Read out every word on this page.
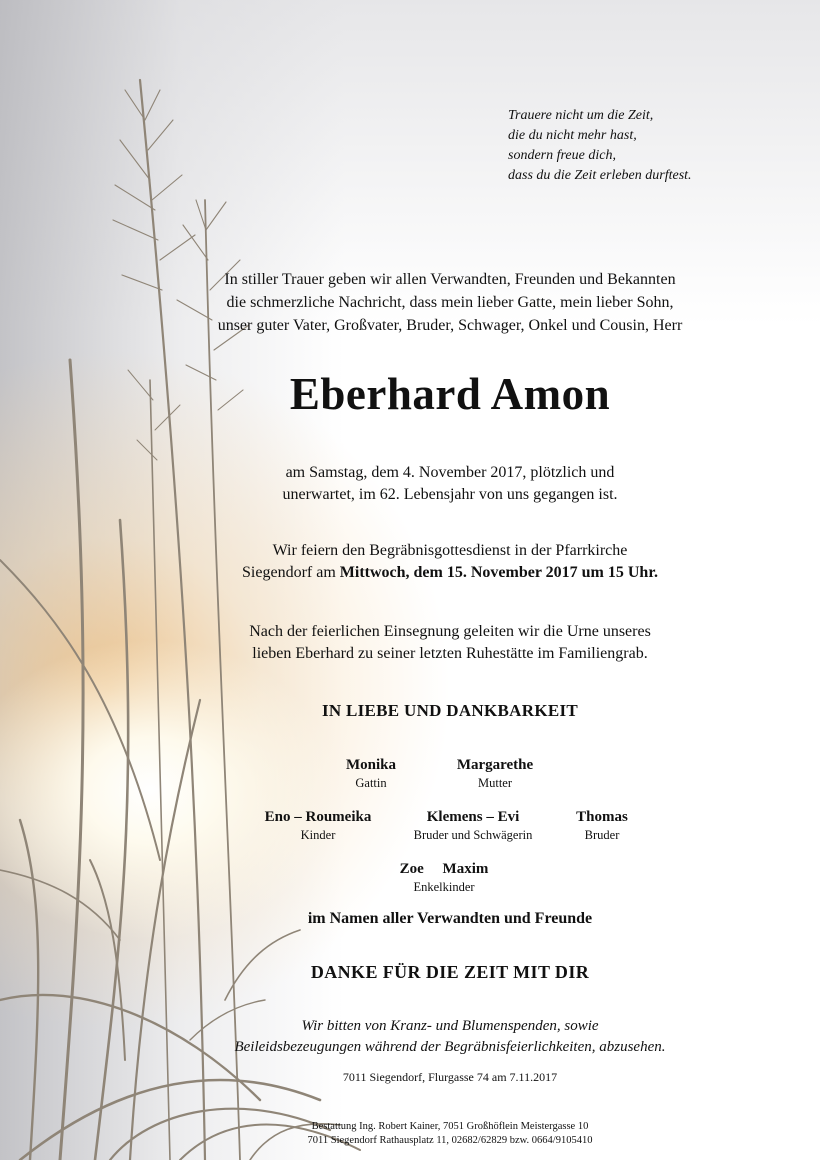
Trauere nicht um die Zeit,
die du nicht mehr hast,
sondern freue dich,
dass du die Zeit erleben durftest.
In stiller Trauer geben wir allen Verwandten, Freunden und Bekannten
die schmerzliche Nachricht, dass mein lieber Gatte, mein lieber Sohn,
unser guter Vater, Großvater, Bruder, Schwager, Onkel und Cousin, Herr
Eberhard Amon
am Samstag, dem 4. November 2017, plötzlich und
unerwartet, im 62. Lebensjahr von uns gegangen ist.
Wir feiern den Begräbnisgottesdienst in der Pfarrkirche
Siegendorf am Mittwoch, dem 15. November 2017 um 15 Uhr.
Nach der feierlichen Einsegnung geleiten wir die Urne unseres
lieben Eberhard zu seiner letzten Ruhestätte im Familiengrab.
IN LIEBE UND DANKBARKEIT
Monika
Gattin
Margarethe
Mutter
Eno – Roumeika
Kinder
Klemens – Evi
Bruder und Schwägerin
Thomas
Bruder
Zoe     Maxim
Enkelkinder
im Namen aller Verwandten und Freunde
DANKE FÜR DIE ZEIT MIT DIR
Wir bitten von Kranz- und Blumenspenden, sowie
Beileidsbezeugungen während der Begräbnisfeierlichkeiten, abzusehen.
7011 Siegendorf, Flurgasse 74 am 7.11.2017
Bestattung Ing. Robert Kainer, 7051 Großhöflein Meistergasse 10
7011 Siegendorf Rathausplatz 11, 02682/62829 bzw. 0664/9105410
